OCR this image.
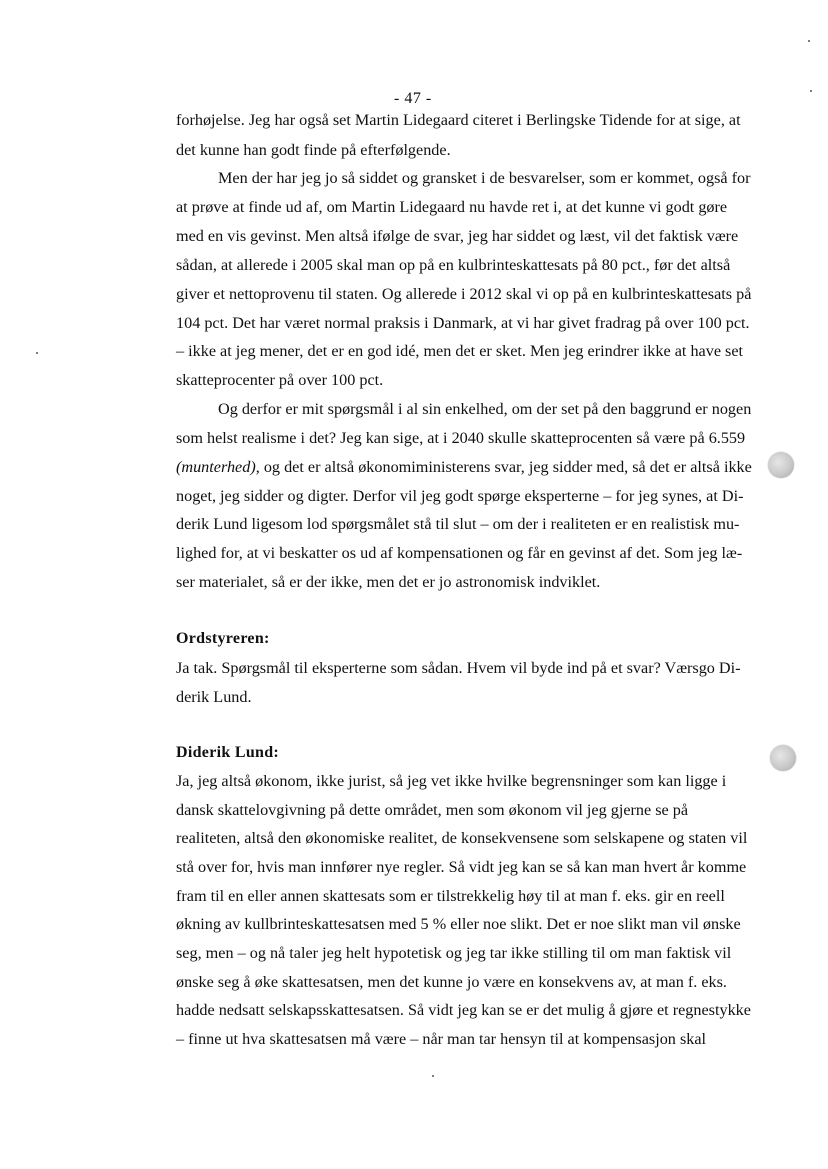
- 47 -
forhøjelse. Jeg har også set Martin Lidegaard citeret i Berlingske Tidende for at sige, at
det kunne han godt finde på efterfølgende.
Men der har jeg jo så siddet og gransket i de besvarelser, som er kommet, også for
at prøve at finde ud af, om Martin Lidegaard nu havde ret i, at det kunne vi godt gøre
med en vis gevinst. Men altså ifølge de svar, jeg har siddet og læst, vil det faktisk være
sådan, at allerede i 2005 skal man op på en kulbrinteskattesats på 80 pct., før det altså
giver et nettoprovenu til staten. Og allerede i 2012 skal vi op på en kulbrinteskattesats på
104 pct. Det har været normal praksis i Danmark, at vi har givet fradrag på over 100 pct.
– ikke at jeg mener, det er en god idé, men det er sket. Men jeg erindrer ikke at have set
skatteprocenter på over 100 pct.
Og derfor er mit spørgsmål i al sin enkelhed, om der set på den baggrund er nogen
som helst realisme i det? Jeg kan sige, at i 2040 skulle skatteprocenten så være på 6.559
(munterhed), og det er altså økonomiministerens svar, jeg sidder med, så det er altså ikke
noget, jeg sidder og digter. Derfor vil jeg godt spørge eksperterne – for jeg synes, at Di-
derik Lund ligesom lod spørgsmålet stå til slut – om der i realiteten er en realistisk mu-
lighed for, at vi beskatter os ud af kompensationen og får en gevinst af det. Som jeg læ-
ser materialet, så er der ikke, men det er jo astronomisk indviklet.
Ordstyreren:
Ja tak. Spørgsmål til eksperterne som sådan. Hvem vil byde ind på et svar? Værsgo Di-
derik Lund.
Diderik Lund:
Ja, jeg altså økonom, ikke jurist, så jeg vet ikke hvilke begrensninger som kan ligge i
dansk skattelovgivning på dette området, men som økonom vil jeg gjerne se på
realiteten, altså den økonomiske realitet, de konsekvensene som selskapene og staten vil
stå over for, hvis man innfører nye regler. Så vidt jeg kan se så kan man hvert år komme
fram til en eller annen skattesats som er tilstrekkelig høy til at man f. eks. gir en reell
økning av kullbrinteskattesatsen med 5 % eller noe slikt. Det er noe slikt man vil ønske
seg, men – og nå taler jeg helt hypotetisk og jeg tar ikke stilling til om man faktisk vil
ønske seg å øke skattesatsen, men det kunne jo være en konsekvens av, at man f. eks.
hadde nedsatt selskapsskattesatsen. Så vidt jeg kan se er det mulig å gjøre et regnestykke
– finne ut hva skattesatsen må være – når man tar hensyn til at kompensasjon skal
